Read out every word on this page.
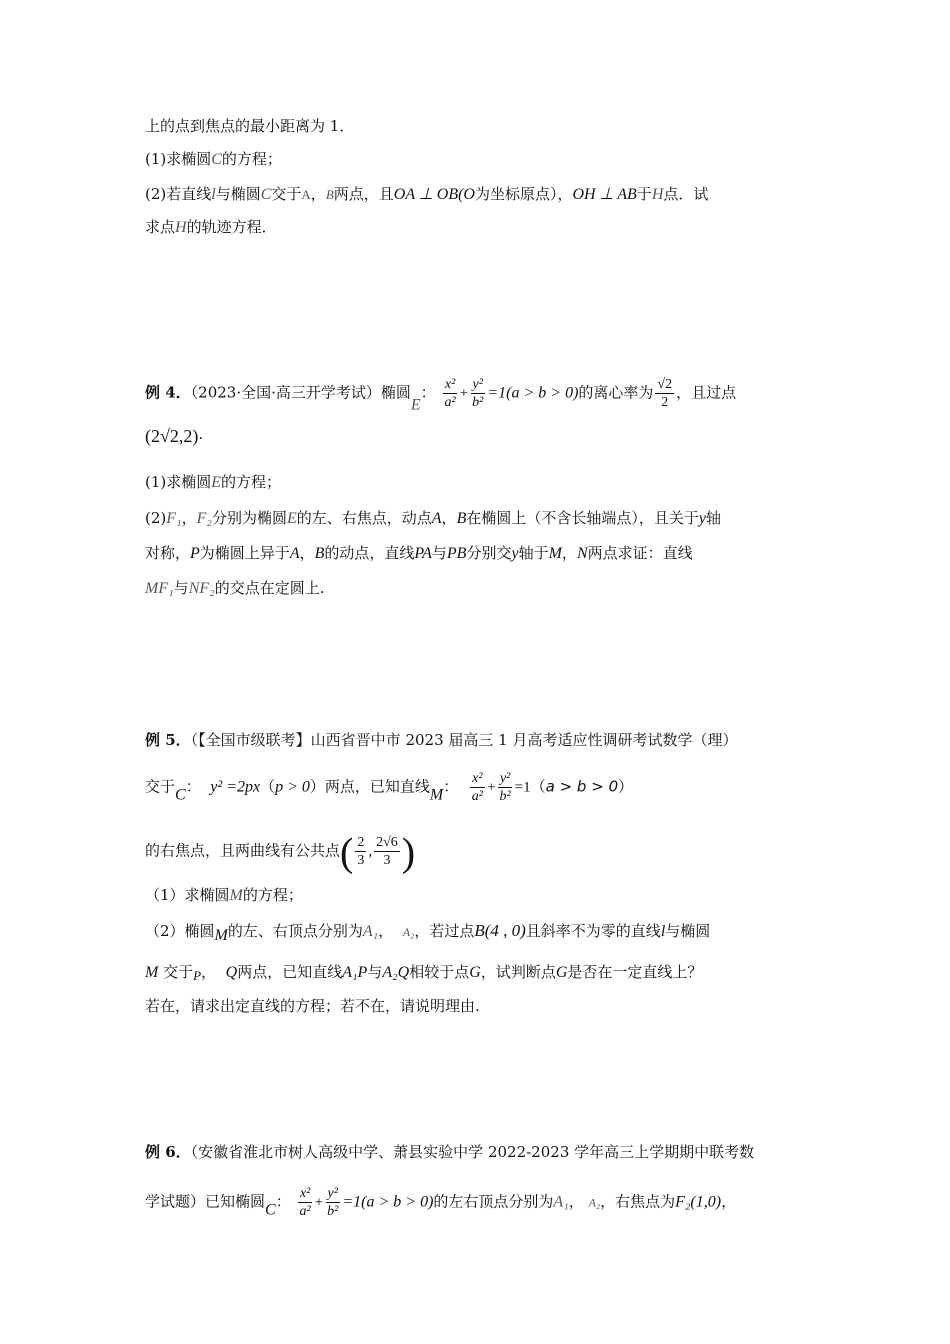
上的点到焦点的最小距离为 1．
(1)求椭圆C的方程；
(2)若直线l与椭圆C交于A，B两点，且OA ⊥ OB(O为坐标原点），OH ⊥ AB于H点．试
求点H的轨迹方程．
例 4．（2023·全国·高三开学考试）椭圆E： $\frac{\text{x²}}{\text{a²}} + \frac{\text{y²}}{\text{b²}} =1(a > b > 0)$的离心率为 $\frac{√2}{2}$ ，且过点
(2√2,2).
(1)求椭圆E的方程；
(2)F₁，F₂分别为椭圆E的左、右焦点，动点A，B在椭圆上（不含长轴端点），且关于y轴
对称，P为椭圆上异于A，B的动点，直线PA与PB分别交y轴于M，N两点求证：直线
MF₁与NF₂的交点在定圆上.
例 5．（【全国市级联考】山西省晋中市 2023 届高三 1 月高考适应性调研考试数学（理）
交于C： y² =2px（p > 0）两点，已知直线M： $\frac{\text{x²}}{\text{a²}} + \frac{\text{y²}}{\text{b²}} =1(a > b > 0)$
的右焦点，且两曲线有公共点( $\frac{2}{3}$ , $\frac{2√6}{3}$ )
（1）求椭圆M的方程；
（2）椭圆M的左、右顶点分别为A₁， A₂，若过点B(4 , 0)且斜率不为零的直线l与椭圆
M 交于P， Q两点，已知直线A₁P与A₂Q相较于点G，试判断点G是否在一定直线上？
若在，请求出定直线的方程；若不在，请说明理由.
例 6．（安徽省淮北市树人高级中学、萧县实验中学 2022-2023 学年高三上学期期中联考数
学试题）已知椭圆C： $\frac{\text{x²}}{\text{a²}} + \frac{\text{y²}}{\text{b²}} =1(a > b > 0)$的左右顶点分别为A₁， A₂，右焦点为F₂(1,0)，
